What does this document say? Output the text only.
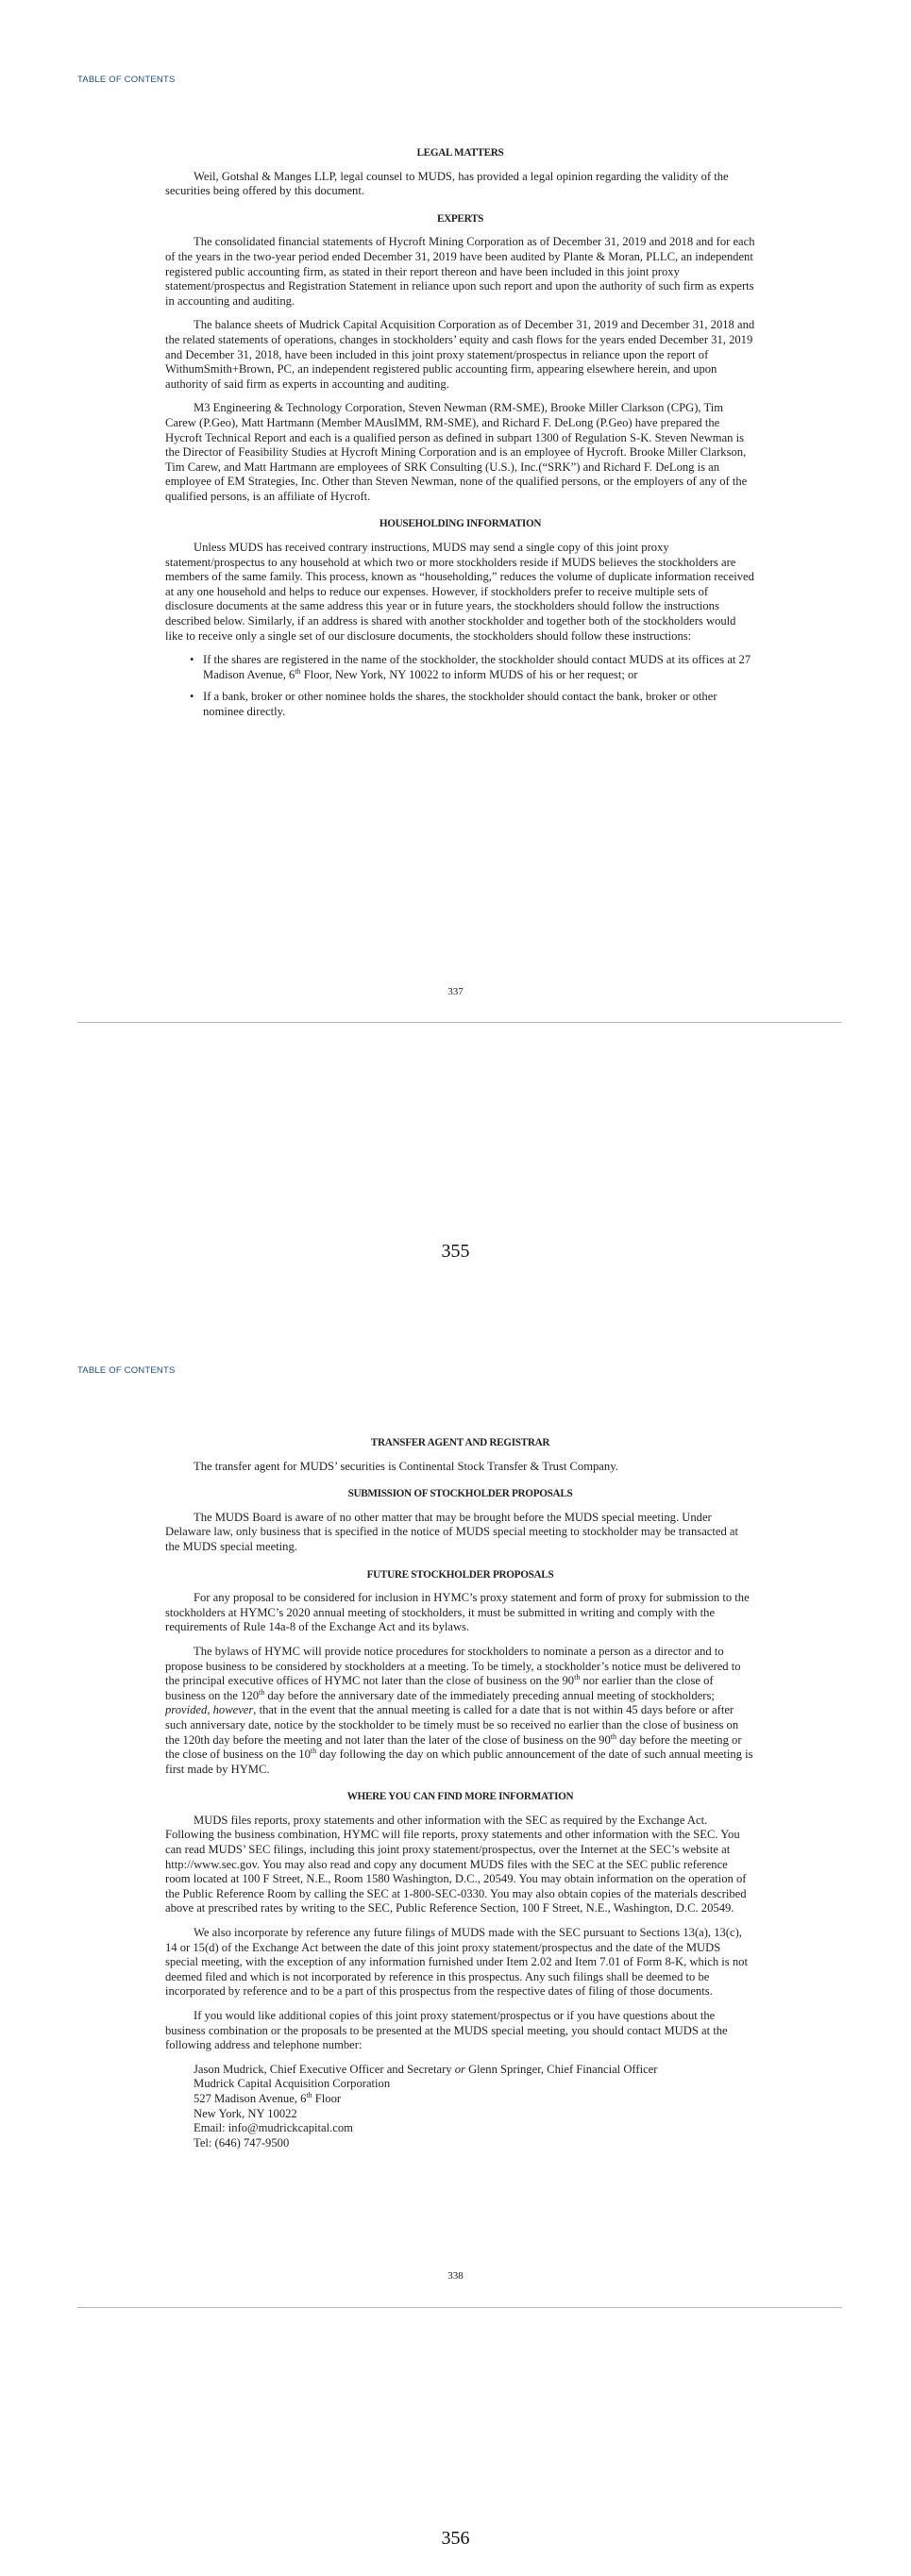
TABLE OF CONTENTS
LEGAL MATTERS

Weil, Gotshal & Manges LLP, legal counsel to MUDS, has provided a legal opinion regarding the validity of the securities being offered by this document.

EXPERTS

The consolidated financial statements of Hycroft Mining Corporation as of December 31, 2019 and 2018 and for each of the years in the two-year period ended December 31, 2019 have been audited by Plante & Moran, PLLC, an independent registered public accounting firm, as stated in their report thereon and have been included in this joint proxy statement/prospectus and Registration Statement in reliance upon such report and upon the authority of such firm as experts in accounting and auditing.

The balance sheets of Mudrick Capital Acquisition Corporation as of December 31, 2019 and December 31, 2018 and the related statements of operations, changes in stockholders’ equity and cash flows for the years ended December 31, 2019 and December 31, 2018, have been included in this joint proxy statement/prospectus in reliance upon the report of WithumSmith+Brown, PC, an independent registered public accounting firm, appearing elsewhere herein, and upon authority of said firm as experts in accounting and auditing.

M3 Engineering & Technology Corporation, Steven Newman (RM-SME), Brooke Miller Clarkson (CPG), Tim Carew (P.Geo), Matt Hartmann (Member MAusIMM, RM-SME), and Richard F. DeLong (P.Geo) have prepared the Hycroft Technical Report and each is a qualified person as defined in subpart 1300 of Regulation S-K. Steven Newman is the Director of Feasibility Studies at Hycroft Mining Corporation and is an employee of Hycroft. Brooke Miller Clarkson, Tim Carew, and Matt Hartmann are employees of SRK Consulting (U.S.), Inc.(“SRK”) and Richard F. DeLong is an employee of EM Strategies, Inc. Other than Steven Newman, none of the qualified persons, or the employers of any of the qualified persons, is an affiliate of Hycroft.

HOUSEHOLDING INFORMATION

Unless MUDS has received contrary instructions, MUDS may send a single copy of this joint proxy statement/prospectus to any household at which two or more stockholders reside if MUDS believes the stockholders are members of the same family. This process, known as “householding,” reduces the volume of duplicate information received at any one household and helps to reduce our expenses. However, if stockholders prefer to receive multiple sets of disclosure documents at the same address this year or in future years, the stockholders should follow the instructions described below. Similarly, if an address is shared with another stockholder and together both of the stockholders would like to receive only a single set of our disclosure documents, the stockholders should follow these instructions:

• If the shares are registered in the name of the stockholder, the stockholder should contact MUDS at its offices at 27 Madison Avenue, 6th Floor, New York, NY 10022 to inform MUDS of his or her request; or
• If a bank, broker or other nominee holds the shares, the stockholder should contact the bank, broker or other nominee directly.
337
355
TABLE OF CONTENTS
TRANSFER AGENT AND REGISTRAR

The transfer agent for MUDS’ securities is Continental Stock Transfer & Trust Company.

SUBMISSION OF STOCKHOLDER PROPOSALS

The MUDS Board is aware of no other matter that may be brought before the MUDS special meeting. Under Delaware law, only business that is specified in the notice of MUDS special meeting to stockholder may be transacted at the MUDS special meeting.

FUTURE STOCKHOLDER PROPOSALS

For any proposal to be considered for inclusion in HYMC’s proxy statement and form of proxy for submission to the stockholders at HYMC’s 2020 annual meeting of stockholders, it must be submitted in writing and comply with the requirements of Rule 14a-8 of the Exchange Act and its bylaws.

The bylaws of HYMC will provide notice procedures for stockholders to nominate a person as a director and to propose business to be considered by stockholders at a meeting. To be timely, a stockholder’s notice must be delivered to the principal executive offices of HYMC not later than the close of business on the 90th nor earlier than the close of business on the 120th day before the anniversary date of the immediately preceding annual meeting of stockholders; provided, however, that in the event that the annual meeting is called for a date that is not within 45 days before or after such anniversary date, notice by the stockholder to be timely must be so received no earlier than the close of business on the 120th day before the meeting and not later than the later of the close of business on the 90th day before the meeting or the close of business on the 10th day following the day on which public announcement of the date of such annual meeting is first made by HYMC.

WHERE YOU CAN FIND MORE INFORMATION

MUDS files reports, proxy statements and other information with the SEC as required by the Exchange Act. Following the business combination, HYMC will file reports, proxy statements and other information with the SEC. You can read MUDS’ SEC filings, including this joint proxy statement/prospectus, over the Internet at the SEC’s website at http://www.sec.gov. You may also read and copy any document MUDS files with the SEC at the SEC public reference room located at 100 F Street, N.E., Room 1580 Washington, D.C., 20549. You may obtain information on the operation of the Public Reference Room by calling the SEC at 1-800-SEC-0330. You may also obtain copies of the materials described above at prescribed rates by writing to the SEC, Public Reference Section, 100 F Street, N.E., Washington, D.C. 20549.

We also incorporate by reference any future filings of MUDS made with the SEC pursuant to Sections 13(a), 13(c), 14 or 15(d) of the Exchange Act between the date of this joint proxy statement/prospectus and the date of the MUDS special meeting, with the exception of any information furnished under Item 2.02 and Item 7.01 of Form 8-K, which is not deemed filed and which is not incorporated by reference in this prospectus. Any such filings shall be deemed to be incorporated by reference and to be a part of this prospectus from the respective dates of filing of those documents.

If you would like additional copies of this joint proxy statement/prospectus or if you have questions about the business combination or the proposals to be presented at the MUDS special meeting, you should contact MUDS at the following address and telephone number:

Jason Mudrick, Chief Executive Officer and Secretary or Glenn Springer, Chief Financial Officer
Mudrick Capital Acquisition Corporation
527 Madison Avenue, 6th Floor
New York, NY 10022
Email: info@mudrickcapital.com
Tel: (646) 747-9500
338
356
